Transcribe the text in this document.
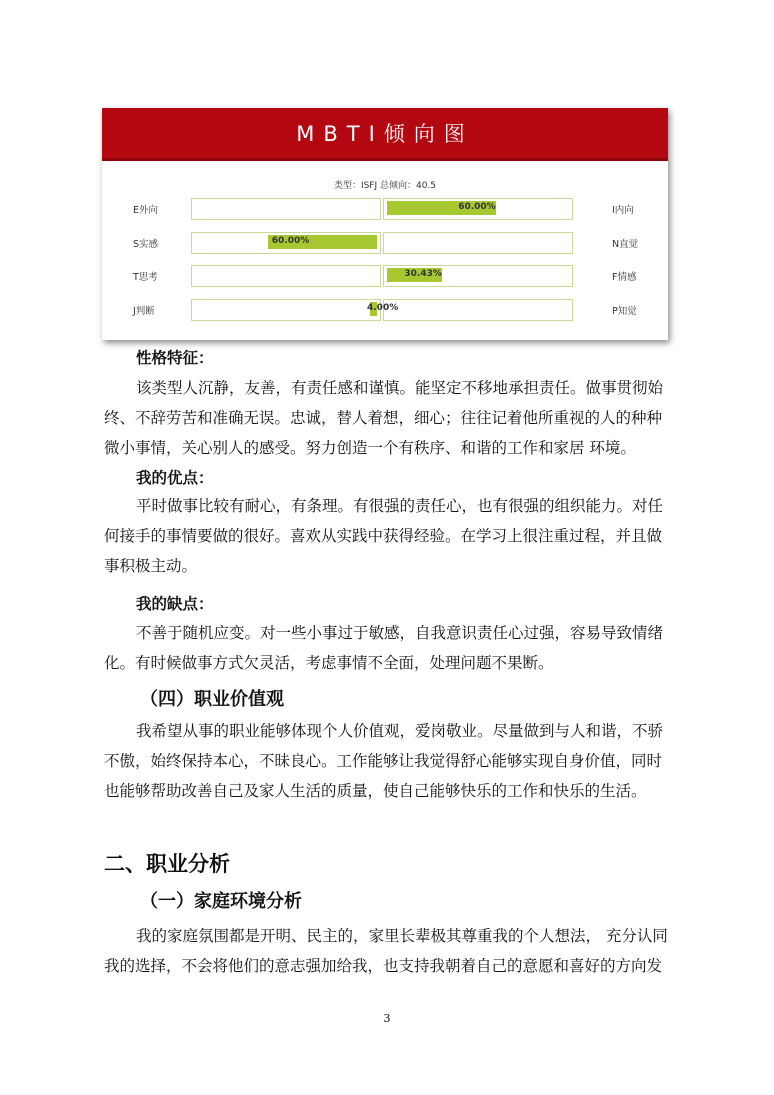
MBTI倾向图
类型：ISFJ 总倾向：40.5
E外向	60.00%	I内向
S实感	60.00%	N直觉
T思考	30.43%	F情感
J判断	4.00%	P知觉
性格特征：
该类型人沉静，友善，有责任感和谨慎。能坚定不移地承担责任。做事贯彻始终、不辞劳苦和准确无误。忠诚，替人着想，细心；往往记着他所重视的人的种种微小事情，关心别人的感受。努力创造一个有秩序、和谐的工作和家居 环境。
我的优点：
平时做事比较有耐心，有条理。有很强的责任心，也有很强的组织能力。对任何接手的事情要做的很好。喜欢从实践中获得经验。在学习上很注重过程，并且做事积极主动。
我的缺点：
不善于随机应变。对一些小事过于敏感，自我意识责任心过强，容易导致情绪化。有时候做事方式欠灵活，考虑事情不全面，处理问题不果断。
（四）职业价值观
我希望从事的职业能够体现个人价值观，爱岗敬业。尽量做到与人和谐，不骄不傲，始终保持本心，不昧良心。工作能够让我觉得舒心能够实现自身价值，同时也能够帮助改善自己及家人生活的质量，使自己能够快乐的工作和快乐的生活。
二、职业分析
（一）家庭环境分析
我的家庭氛围都是开明、民主的，家里长辈极其尊重我的个人想法， 充分认同我的选择，不会将他们的意志强加给我，也支持我朝着自己的意愿和喜好的方向发
3
